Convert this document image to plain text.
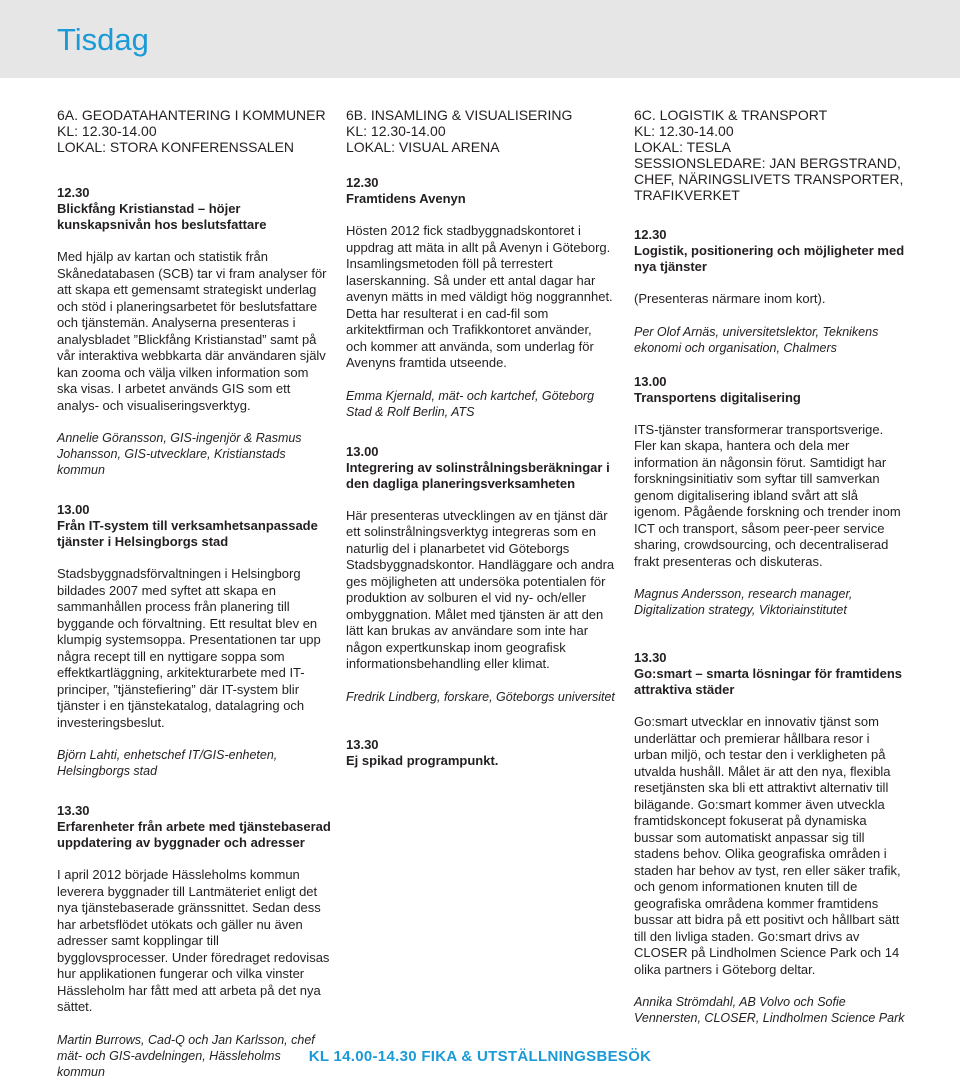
Tisdag
6A. GEODATAHANTERING I KOMMUNER
KL: 12.30-14.00
LOKAL: STORA KONFERENSSALEN
12.30
Blickfång Kristianstad – höjer kunskapsnivån hos beslutsfattare
Med hjälp av kartan och statistik från Skånedatabasen (SCB) tar vi fram analyser för att skapa ett gemensamt strategiskt underlag och stöd i planeringsarbetet för beslutsfattare och tjänstemän. Analyserna presenteras i analysbladet ”Blickfång Kristianstad” samt på vår interaktiva webbkarta där användaren själv kan zooma och välja vilken information som ska visas. I arbetet används GIS som ett analys- och visualiseringsverktyg.
Annelie Göransson, GIS-ingenjör & Rasmus Johansson, GIS-utvecklare, Kristianstads kommun
13.00
Från IT-system till verksamhetsanpassade tjänster i Helsingborgs stad
Stadsbyggnadsförvaltningen i Helsingborg bildades 2007 med syftet att skapa en sammanhållen process från planering till byggande och förvaltning. Ett resultat blev en klumpig systemsoppa. Presentationen tar upp några recept till en nyttigare soppa som effektkartläggning, arkitekturarbete med IT-principer, ”tjänstefiering” där IT-system blir tjänster i en tjänstekatalog, datalagring och investeringsbeslut.
Björn Lahti, enhetschef IT/GIS-enheten, Helsingborgs stad
13.30
Erfarenheter från arbete med tjänstebaserad uppdatering av byggnader och adresser
I april 2012 började Hässleholms kommun leverera byggnader till Lantmäteriet enligt det nya tjänstebaserade gränssnittet. Sedan dess har arbetsflödet utökats och gäller nu även adresser samt kopplingar till bygglovsprocesser. Under föredraget redovisas hur applikationen fungerar och vilka vinster Hässleholm har fått med att arbeta på det nya sättet.
Martin Burrows, Cad-Q och Jan Karlsson, chef mät- och GIS-avdelningen, Hässleholms kommun
6B. INSAMLING & VISUALISERING
KL: 12.30-14.00
LOKAL: VISUAL ARENA
12.30
Framtidens Avenyn
Hösten 2012 fick stadbyggnadskontoret i uppdrag att mäta in allt på Avenyn i Göteborg. Insamlingsmetoden föll på terrestert laserskanning. Så under ett antal dagar har avenyn mätts in med väldigt hög noggrannhet. Detta har resulterat i en cad-fil som arkitektfirman och Trafikkontoret använder, och kommer att använda, som underlag för Avenyns framtida utseende.
Emma Kjernald, mät- och kartchef, Göteborg Stad & Rolf Berlin, ATS
13.00
Integrering av solinstrålningsberäkningar i den dagliga planeringsverksamheten
Här presenteras utvecklingen av en tjänst där ett solinstrålningsverktyg integreras som en naturlig del i planarbetet vid Göteborgs Stadsbyggnadskontor. Handläggare och andra ges möjligheten att undersöka potentialen för produktion av solburen el vid ny- och/eller ombyggnation. Målet med tjänsten är att den lätt kan brukas av användare som inte har någon expertkunskap inom geografisk informationsbehandling eller klimat.
Fredrik Lindberg, forskare, Göteborgs universitet
13.30
Ej spikad programpunkt.
6C. LOGISTIK & TRANSPORT
KL: 12.30-14.00
LOKAL: TESLA
SESSIONSLEDARE: JAN BERGSTRAND, CHEF, NÄRINGSLIVETS TRANSPORTER, TRAFIKVERKET
12.30
Logistik, positionering och möjligheter med nya tjänster
(Presenteras närmare inom kort).
Per Olof Arnäs, universitetslektor, Teknikens ekonomi och organisation, Chalmers
13.00
Transportens digitalisering
ITS-tjänster transformerar transportsverige. Fler kan skapa, hantera och dela mer information än någonsin förut. Samtidigt har forskningsinitiativ som syftar till samverkan genom digitalisering ibland svårt att slå igenom. Pågående forskning och trender inom ICT och transport, såsom peer-peer service sharing, crowdsourcing, och decentraliserad frakt presenteras och diskuteras.
Magnus Andersson, research manager, Digitalization strategy, Viktoriainstitutet
13.30
Go:smart – smarta lösningar för framtidens attraktiva städer
Go:smart utvecklar en innovativ tjänst som underlättar och premierar hållbara resor i urban miljö, och testar den i verkligheten på utvalda hushåll. Målet är att den nya, flexibla resetjänsten ska bli ett attraktivt alternativ till bilägande. Go:smart kommer även utveckla framtidskoncept fokuserat på dynamiska bussar som automatiskt anpassar sig till stadens behov. Olika geografiska områden i staden har behov av tyst, ren eller säker trafik, och genom informationen knuten till de geografiska områdena kommer framtidens bussar att bidra på ett positivt och hållbart sätt till den livliga staden. Go:smart drivs av CLOSER på Lindholmen Science Park och 14 olika partners i Göteborg deltar.
Annika Strömdahl, AB Volvo och Sofie Vennersten, CLOSER, Lindholmen Science Park
KL 14.00-14.30 FIKA & UTSTÄLLNINGSBESÖK
